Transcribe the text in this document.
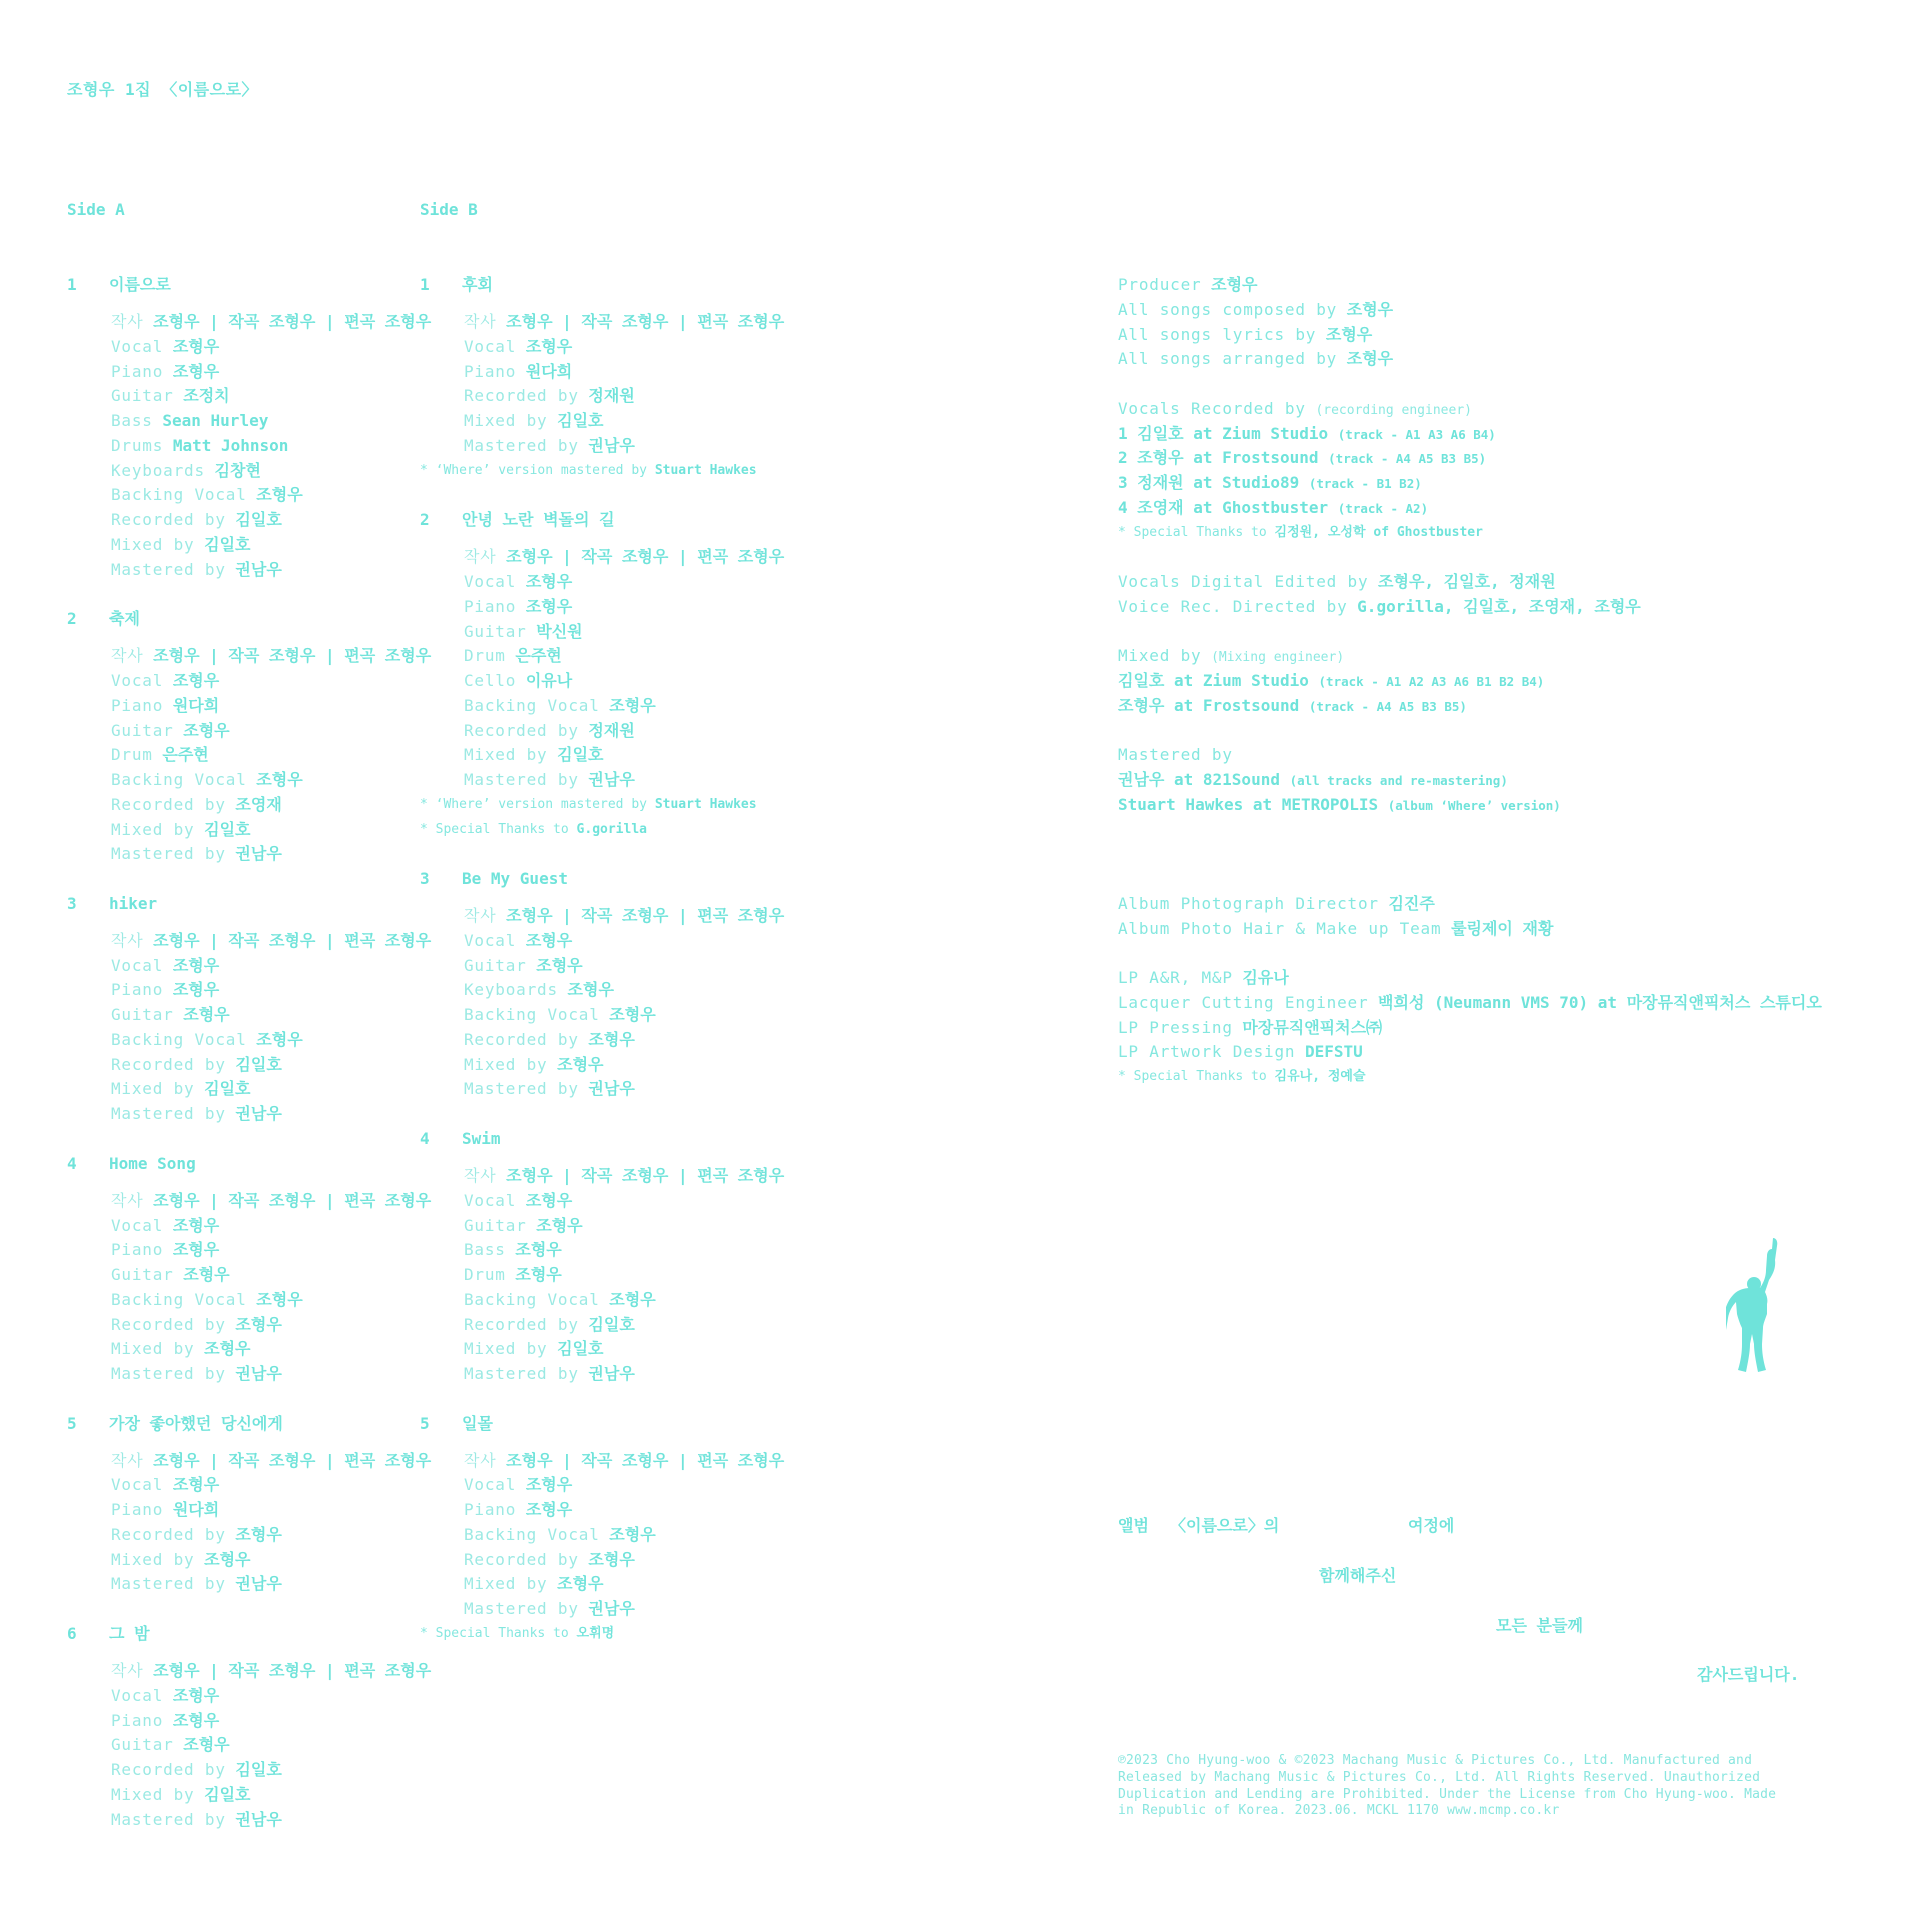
조형우 1집 〈이름으로〉
Side A	Side B
1	이름으로
작사 조형우 | 작곡 조형우 | 편곡 조형우
Vocal 조형우
Piano 조형우
Guitar 조정치
Bass Sean Hurley
Drums Matt Johnson
Keyboards 김창현
Backing Vocal 조형우
Recorded by 김일호
Mixed by 김일호
Mastered by 권남우
2	축제
작사 조형우 | 작곡 조형우 | 편곡 조형우
Vocal 조형우
Piano 원다희
Guitar 조형우
Drum 은주현
Backing Vocal 조형우
Recorded by 조영재
Mixed by 김일호
Mastered by 권남우
3	hiker
작사 조형우 | 작곡 조형우 | 편곡 조형우
Vocal 조형우
Piano 조형우
Guitar 조형우
Backing Vocal 조형우
Recorded by 김일호
Mixed by 김일호
Mastered by 권남우
4	Home Song
작사 조형우 | 작곡 조형우 | 편곡 조형우
Vocal 조형우
Piano 조형우
Guitar 조형우
Backing Vocal 조형우
Recorded by 조형우
Mixed by 조형우
Mastered by 권남우
5	가장 좋아했던 당신에게
작사 조형우 | 작곡 조형우 | 편곡 조형우
Vocal 조형우
Piano 원다희
Recorded by 조형우
Mixed by 조형우
Mastered by 권남우
6	그 밤
작사 조형우 | 작곡 조형우 | 편곡 조형우
Vocal 조형우
Piano 조형우
Guitar 조형우
Recorded by 김일호
Mixed by 김일호
Mastered by 권남우
1	후회
작사 조형우 | 작곡 조형우 | 편곡 조형우
Vocal 조형우
Piano 원다희
Recorded by 정재원
Mixed by 김일호
Mastered by 권남우
* ‘Where’ version mastered by Stuart Hawkes
2	안녕 노란 벽돌의 길
작사 조형우 | 작곡 조형우 | 편곡 조형우
Vocal 조형우
Piano 조형우
Guitar 박신원
Drum 은주현
Cello 이유나
Backing Vocal 조형우
Recorded by 정재원
Mixed by 김일호
Mastered by 권남우
* ‘Where’ version mastered by Stuart Hawkes
* Special Thanks to G.gorilla
3	Be My Guest
작사 조형우 | 작곡 조형우 | 편곡 조형우
Vocal 조형우
Guitar 조형우
Keyboards 조형우
Backing Vocal 조형우
Recorded by 조형우
Mixed by 조형우
Mastered by 권남우
4	Swim
작사 조형우 | 작곡 조형우 | 편곡 조형우
Vocal 조형우
Guitar 조형우
Bass 조형우
Drum 조형우
Backing Vocal 조형우
Recorded by 김일호
Mixed by 김일호
Mastered by 권남우
5	일몰
작사 조형우 | 작곡 조형우 | 편곡 조형우
Vocal 조형우
Piano 조형우
Backing Vocal 조형우
Recorded by 조형우
Mixed by 조형우
Mastered by 권남우
* Special Thanks to 오휘명
Producer 조형우
All songs composed by 조형우
All songs lyrics by 조형우
All songs arranged by 조형우
Vocals Recorded by (recording engineer)
1 김일호 at Zium Studio (track - A1 A3 A6 B4)
2 조형우 at Frostsound (track - A4 A5 B3 B5)
3 정재원 at Studio89 (track - B1 B2)
4 조영재 at Ghostbuster (track - A2)
* Special Thanks to 김정원, 오성학 of Ghostbuster
Vocals Digital Edited by 조형우, 김일호, 정재원
Voice Rec. Directed by G.gorilla, 김일호, 조영재, 조형우
Mixed by (Mixing engineer)
김일호 at Zium Studio (track - A1 A2 A3 A6 B1 B2 B4)
조형우 at Frostsound (track - A4 A5 B3 B5)
Mastered by
권남우 at 821Sound (all tracks and re-mastering)
Stuart Hawkes at METROPOLIS (album ‘Where’ version)
Album Photograph Director 김진주
Album Photo Hair & Make up Team 룰링제이 재황
LP A&R, M&P 김유나
Lacquer Cutting Engineer 백희성 (Neumann VMS 70) at 마장뮤직앤픽처스 스튜디오
LP Pressing 마장뮤직앤픽처스㈜
LP Artwork Design DEFSTU
* Special Thanks to 김유나, 정예슬
앨범 〈이름으로〉의	여정에
함께해주신
모든 분들께
감사드립니다.
℗2023 Cho Hyung-woo & ©2023 Machang Music & Pictures Co., Ltd. Manufactured and Released by Machang Music & Pictures Co., Ltd. All Rights Reserved. Unauthorized Duplication and Lending are Prohibited. Under the License from Cho Hyung-woo. Made in Republic of Korea. 2023.06. MCKL 1170 www.mcmp.co.kr
